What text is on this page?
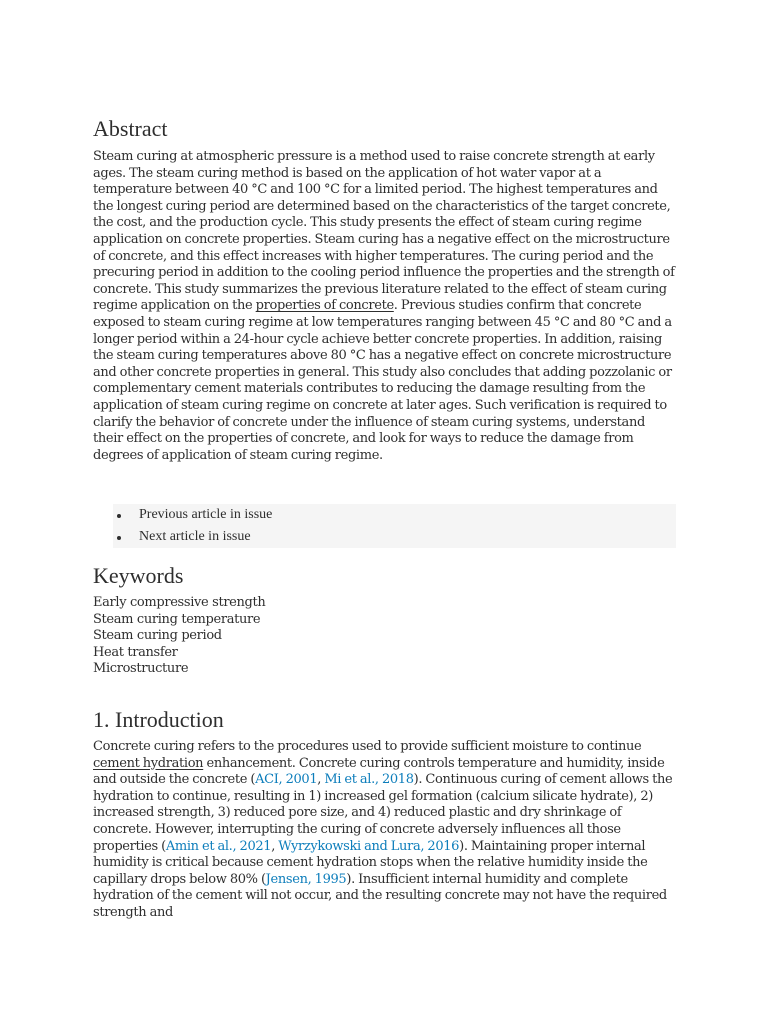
Abstract

Steam curing at atmospheric pressure is a method used to raise concrete strength at early ages. The steam curing method is based on the application of hot water vapor at a temperature between 40 °C and 100 °C for a limited period. The highest temperatures and the longest curing period are determined based on the characteristics of the target concrete, the cost, and the production cycle. This study presents the effect of steam curing regime application on concrete properties. Steam curing has a negative effect on the microstructure of concrete, and this effect increases with higher temperatures. The curing period and the precuring period in addition to the cooling period influence the properties and the strength of concrete. This study summarizes the previous literature related to the effect of steam curing regime application on the properties of concrete. Previous studies confirm that concrete exposed to steam curing regime at low temperatures ranging between 45 °C and 80 °C and a longer period within a 24-hour cycle achieve better concrete properties. In addition, raising the steam curing temperatures above 80 °C has a negative effect on concrete microstructure and other concrete properties in general. This study also concludes that adding pozzolanic or complementary cement materials contributes to reducing the damage resulting from the application of steam curing regime on concrete at later ages. Such verification is required to clarify the behavior of concrete under the influence of steam curing systems, understand their effect on the properties of concrete, and look for ways to reduce the damage from degrees of application of steam curing regime.

Previous article in issue
Next article in issue
Keywords
Early compressive strength
Steam curing temperature
Steam curing period
Heat transfer
Microstructure
1. Introduction

Concrete curing refers to the procedures used to provide sufficient moisture to continue cement hydration enhancement. Concrete curing controls temperature and humidity, inside and outside the concrete (ACI, 2001, Mi et al., 2018). Continuous curing of cement allows the hydration to continue, resulting in 1) increased gel formation (calcium silicate hydrate), 2) increased strength, 3) reduced pore size, and 4) reduced plastic and dry shrinkage of concrete. However, interrupting the curing of concrete adversely influences all those properties (Amin et al., 2021, Wyrzykowski and Lura, 2016). Maintaining proper internal humidity is critical because cement hydration stops when the relative humidity inside the capillary drops below 80% (Jensen, 1995). Insufficient internal humidity and complete hydration of the cement will not occur, and the resulting concrete may not have the required strength and
